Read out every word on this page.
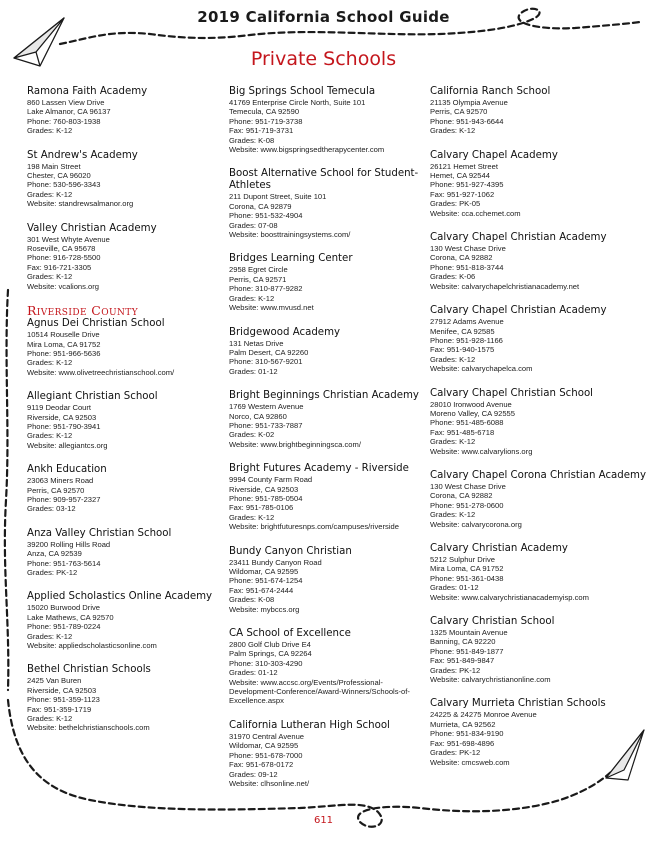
2019 California School Guide
Private Schools
Ramona Faith Academy
860 Lassen View Drive
Lake Almanor, CA 96137
Phone: 760-803-1938
Grades: K-12
St Andrew's Academy
198 Main Street
Chester, CA 96020
Phone: 530-596-3343
Grades: K-12
Website: standrewsalmanor.org
Valley Christian Academy
301 West Whyte Avenue
Roseville, CA 95678
Phone: 916-728-5500
Fax: 916-721-3305
Grades: K-12
Website: vcalions.org
Riverside County
Agnus Dei Christian School
10514 Rouselle Drive
Mira Loma, CA 91752
Phone: 951-966-5636
Grades: K-12
Website: www.olivetreechristianschool.com/
Allegiant Christian School
9119 Deodar Court
Riverside, CA 92503
Phone: 951-790-3941
Grades: K-12
Website: allegiantcs.org
Ankh Education
23063 Miners Road
Perris, CA 92570
Phone: 909-957-2327
Grades: 03-12
Anza Valley Christian School
39200 Rolling Hills Road
Anza, CA 92539
Phone: 951-763-5614
Grades: PK-12
Applied Scholastics Online Academy
15020 Burwood Drive
Lake Mathews, CA 92570
Phone: 951-789-0224
Grades: K-12
Website: appliedscholasticsonline.com
Bethel Christian Schools
2425 Van Buren
Riverside, CA 92503
Phone: 951-359-1123
Fax: 951-359-1719
Grades: K-12
Website: bethelchristianschools.com
Big Springs School Temecula
41769 Enterprise Circle North, Suite 101
Temecula, CA 92590
Phone: 951-719-3738
Fax: 951-719-3731
Grades: K-08
Website: www.bigspringsedtherapycenter.com
Boost Alternative School for Student-Athletes
211 Dupont Street, Suite 101
Corona, CA 92879
Phone: 951-532-4904
Grades: 07-08
Website: boosttrainingsystems.com/
Bridges Learning Center
2958 Egret Circle
Perris, CA 92571
Phone: 310-877-9282
Grades: K-12
Website: www.mvusd.net
Bridgewood Academy
131 Netas Drive
Palm Desert, CA 92260
Phone: 310-567-9201
Grades: 01-12
Bright Beginnings Christian Academy
1769 Western Avenue
Norco, CA 92860
Phone: 951-733-7887
Grades: K-02
Website: www.brightbeginningsca.com/
Bright Futures Academy - Riverside
9994 County Farm Road
Riverside, CA 92503
Phone: 951-785-0504
Fax: 951-785-0106
Grades: K-12
Website: brightfuturesnps.com/campuses/riverside
Bundy Canyon Christian
23411 Bundy Canyon Road
Wildomar, CA 92595
Phone: 951-674-1254
Fax: 951-674-2444
Grades: K-08
Website: mybccs.org
CA School of Excellence
2800 Golf Club Drive E4
Palm Springs, CA 92264
Phone: 310-303-4290
Grades: 01-12
Website: www.accsc.org/Events/Professional-
Development-Conference/Award-Winners/Schools-of-
Excellence.aspx
California Lutheran High School
31970 Central Avenue
Wildomar, CA 92595
Phone: 951-678-7000
Fax: 951-678-0172
Grades: 09-12
Website: clhsonline.net/
California Ranch School
21135 Olympia Avenue
Perris, CA 92570
Phone: 951-943-6644
Grades: K-12
Calvary Chapel Academy
26121 Hemet Street
Hemet, CA 92544
Phone: 951-927-4395
Fax: 951-927-1062
Grades: PK-05
Website: cca.cchemet.com
Calvary Chapel Christian Academy
130 West Chase Drive
Corona, CA 92882
Phone: 951-818-3744
Grades: K-06
Website: calvarychapelchristianacademy.net
Calvary Chapel Christian Academy
27912 Adams Avenue
Menifee, CA 92585
Phone: 951-928-1166
Fax: 951-940-1575
Grades: K-12
Website: calvarychapelca.com
Calvary Chapel Christian School
28010 Ironwood Avenue
Moreno Valley, CA 92555
Phone: 951-485-6088
Fax: 951-485-6718
Grades: K-12
Website: www.calvarylions.org
Calvary Chapel Corona Christian Academy
130 West Chase Drive
Corona, CA 92882
Phone: 951-278-0600
Grades: K-12
Website: calvarycorona.org
Calvary Christian Academy
5212 Sulphur Drive
Mira Loma, CA 91752
Phone: 951-361-0438
Grades: 01-12
Website: www.calvarychristianacademyisp.com
Calvary Christian School
1325 Mountain Avenue
Banning, CA 92220
Phone: 951-849-1877
Fax: 951-849-9847
Grades: PK-12
Website: calvarychristianonline.com
Calvary Murrieta Christian Schools
24225 & 24275 Monroe Avenue
Murrieta, CA 92562
Phone: 951-834-9190
Fax: 951-698-4896
Grades: PK-12
Website: cmcsweb.com
611
